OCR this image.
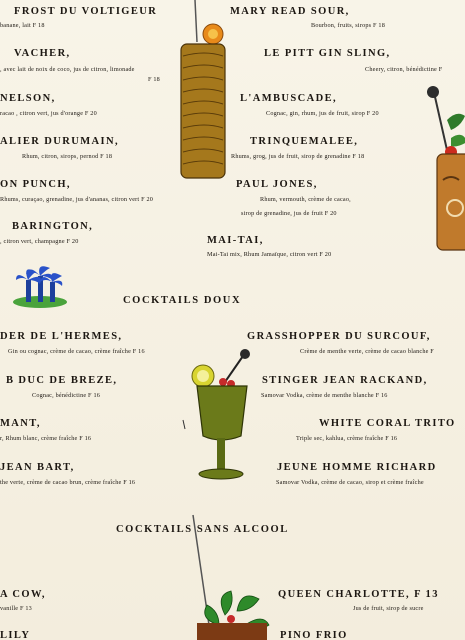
FROST DU VOLTIGEUR
banane, lait F 18
VACHER,
, avec lait de noix de coco, jus de citron, limonade
F 18
NELSON,
racao , citron vert, jus d'orange F 20
ALIER DURUMAIN,
Rhum, citron, sirops, pernod F 18
ON PUNCH,
Rhums, curaçao, grenadine, jus d'ananas, citron vert F 20
BARINGTON,
, citron vert, champagne F 20
MARY READ SOUR,
Bourbon, fruits, sirops F 18
LE PITT GIN SLING,
Cheery, citron, bénédictine F
L'AMBUSCADE,
Cognac, gin, rhum, jus de fruit, sirop F 20
TRINQUEMALEE,
Rhums, grog, jus de fruit, sirop de grenadine F 18
PAUL JONES,
Rhum, vermouth, crème de cacao,
sirop de grenadine, jus de fruit F 20
MAI-TAI,
Mai-Tai mix, Rhum Jamaïque, citron vert F 20
COCKTAILS DOUX
DER DE L'HERMES,
Gin ou cognac, crème de cacao, crème fraîche F 16
B DUC DE BREZE,
Cognac, bénédictine F 16
MANT,
r, Rhum blanc, crème fraîche F 16
JEAN BART,
the verte, crème de cacao brun, crème fraîche F 16
GRASSHOPPER DU SURCOUF,
Crème de menthe verte, crème de cacao blanche F
STINGER JEAN RACKAND,
Samovar Vodka, crème de menthe blanche F 16
WHITE CORAL TRITO
Triple sec, kahlua, crème fraîche F 16
JEUNE HOMME RICHARD
Samovar Vodka, crème de cacao, sirop et crème fraîche
COCKTAILS SANS ALCOOL
A COW,
vanille F 13
LILY
QUEEN CHARLOTTE, F 13
Jus de fruit, sirop de sucre
PINO FRIO
